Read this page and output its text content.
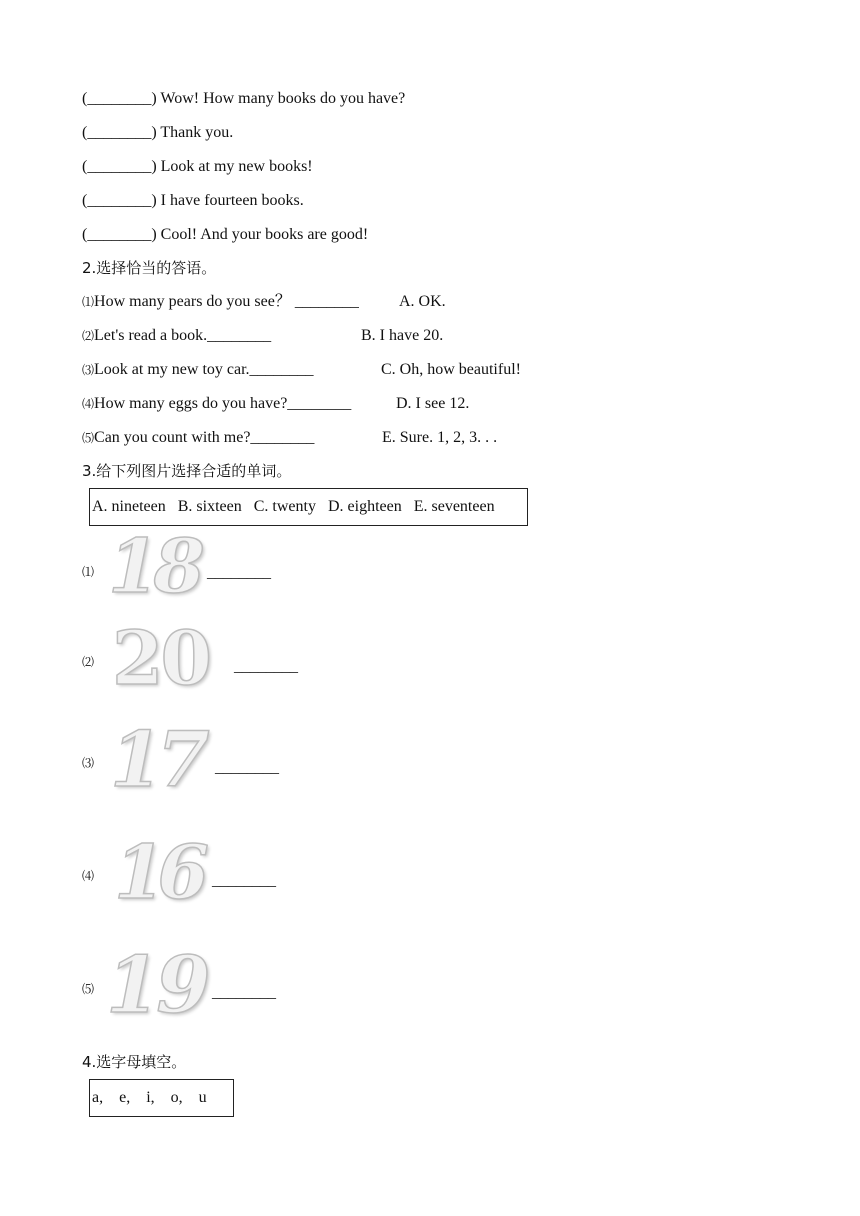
(________) Wow! How many books do you have?
(________) Thank you.
(________) Look at my new books!
(________) I have fourteen books.
(________) Cool! And your books are good!
2.选择恰当的答语。
⑴How many pears do you see？ ________	A. OK.
⑵Let's read a book.________	B. I have 20.
⑶Look at my new toy car.________	C. Oh, how beautiful!
⑷How many eggs do you have?________	D. I see 12.
⑸Can you count with me?________	E. Sure. 1, 2, 3. . .
3.给下列图片选择合适的单词。
A. nineteen   B. sixteen   C. twenty   D. eighteen   E. seventeen
⑴ 18 ________
⑵ 20 ________
⑶ 17 ________
⑷ 16 ________
⑸ 19 ________
4.选字母填空。
a,    e,    i,    o,    u
